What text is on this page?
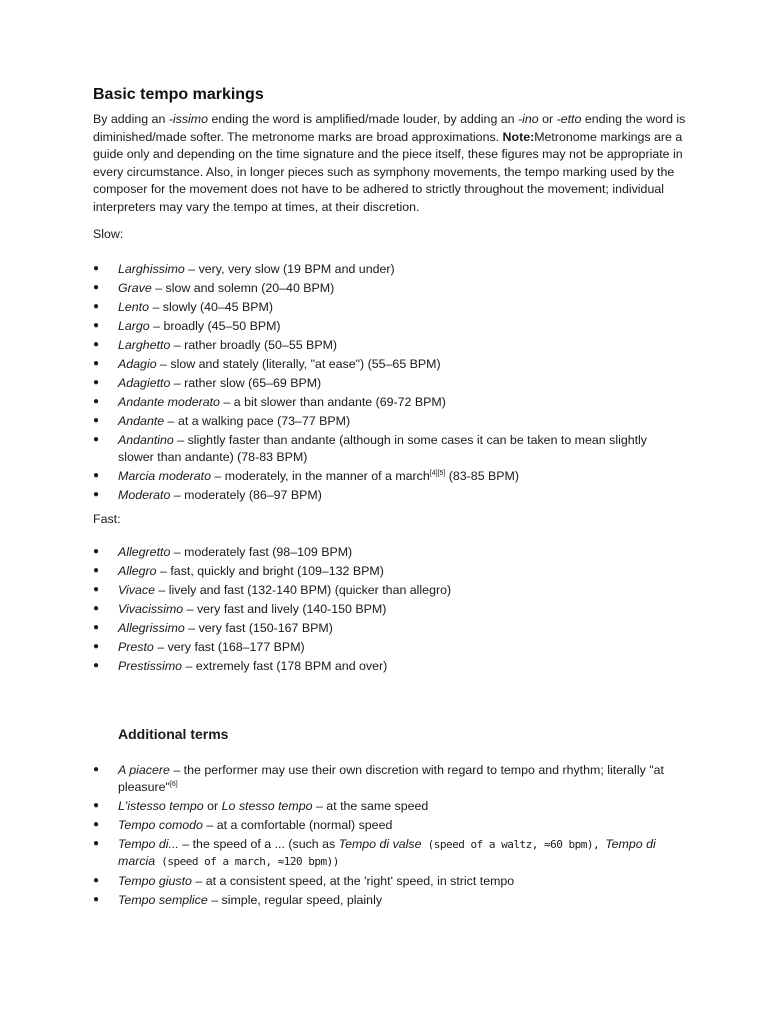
Basic tempo markings

By adding an -issimo ending the word is amplified/made louder, by adding an -ino or -etto ending the word is diminished/made softer. The metronome marks are broad approximations. Note:Metronome markings are a guide only and depending on the time signature and the piece itself, these figures may not be appropriate in every circumstance. Also, in longer pieces such as symphony movements, the tempo marking used by the composer for the movement does not have to be adhered to strictly throughout the movement; individual interpreters may vary the tempo at times, at their discretion.

Slow:

● Larghissimo – very, very slow (19 BPM and under)
● Grave – slow and solemn (20–40 BPM)
● Lento – slowly (40–45 BPM)
● Largo – broadly (45–50 BPM)
● Larghetto – rather broadly (50–55 BPM)
● Adagio – slow and stately (literally, "at ease") (55–65 BPM)
● Adagietto – rather slow (65–69 BPM)
● Andante moderato – a bit slower than andante (69-72 BPM)
● Andante – at a walking pace (73–77 BPM)
● Andantino – slightly faster than andante (although in some cases it can be taken to mean slightly slower than andante) (78-83 BPM)
● Marcia moderato – moderately, in the manner of a march[4][5] (83-85 BPM)
● Moderato – moderately (86–97 BPM)

Fast:

● Allegretto – moderately fast (98–109 BPM)
● Allegro – fast, quickly and bright (109–132 BPM)
● Vivace – lively and fast (132-140 BPM) (quicker than allegro)
● Vivacissimo – very fast and lively (140-150 BPM)
● Allegrissimo – very fast (150-167 BPM)
● Presto – very fast (168–177 BPM)
● Prestissimo – extremely fast (178 BPM and over)
Additional terms
● A piacere – the performer may use their own discretion with regard to tempo and rhythm; literally "at pleasure"[6]
● L'istesso tempo or Lo stesso tempo – at the same speed
● Tempo comodo – at a comfortable (normal) speed
● Tempo di... – the speed of a ... (such as Tempo di valse (speed of a waltz, ≈60 bpm), Tempo di marcia (speed of a march, ≈120 bpm))
● Tempo giusto – at a consistent speed, at the 'right' speed, in strict tempo
● Tempo semplice – simple, regular speed, plainly
